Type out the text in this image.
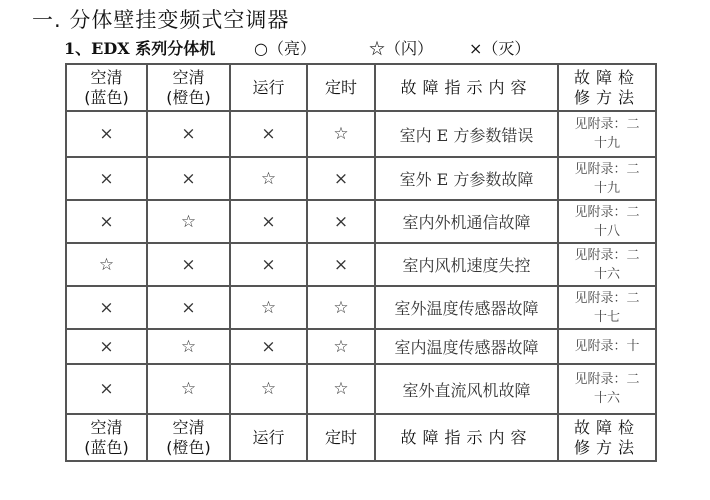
一. 分体壁挂变频式空调器
1、EDX 系列分体机 ○（亮）	☆（闪） ×（灭）
空清
(蓝色)	空清
(橙色)	运行	定时	故障指示内容	故障检
修方法
×	×	×	☆	室内 E 方参数错误	见附录：二
十九
×	×	☆	×	室外 E 方参数故障	见附录：二
十九
×	☆	×	×	室内外机通信故障	见附录：二
十八
☆	×	×	×	室内风机速度失控	见附录：二
十六
×	×	☆	☆	室外温度传感器故障	见附录：二
十七
×	☆	×	☆	室内温度传感器故障	见附录：十
×	☆	☆	☆	室外直流风机故障	见附录：二
十六
空清
(蓝色)	空清
(橙色)	运行	定时	故障指示内容	故障检
修方法
